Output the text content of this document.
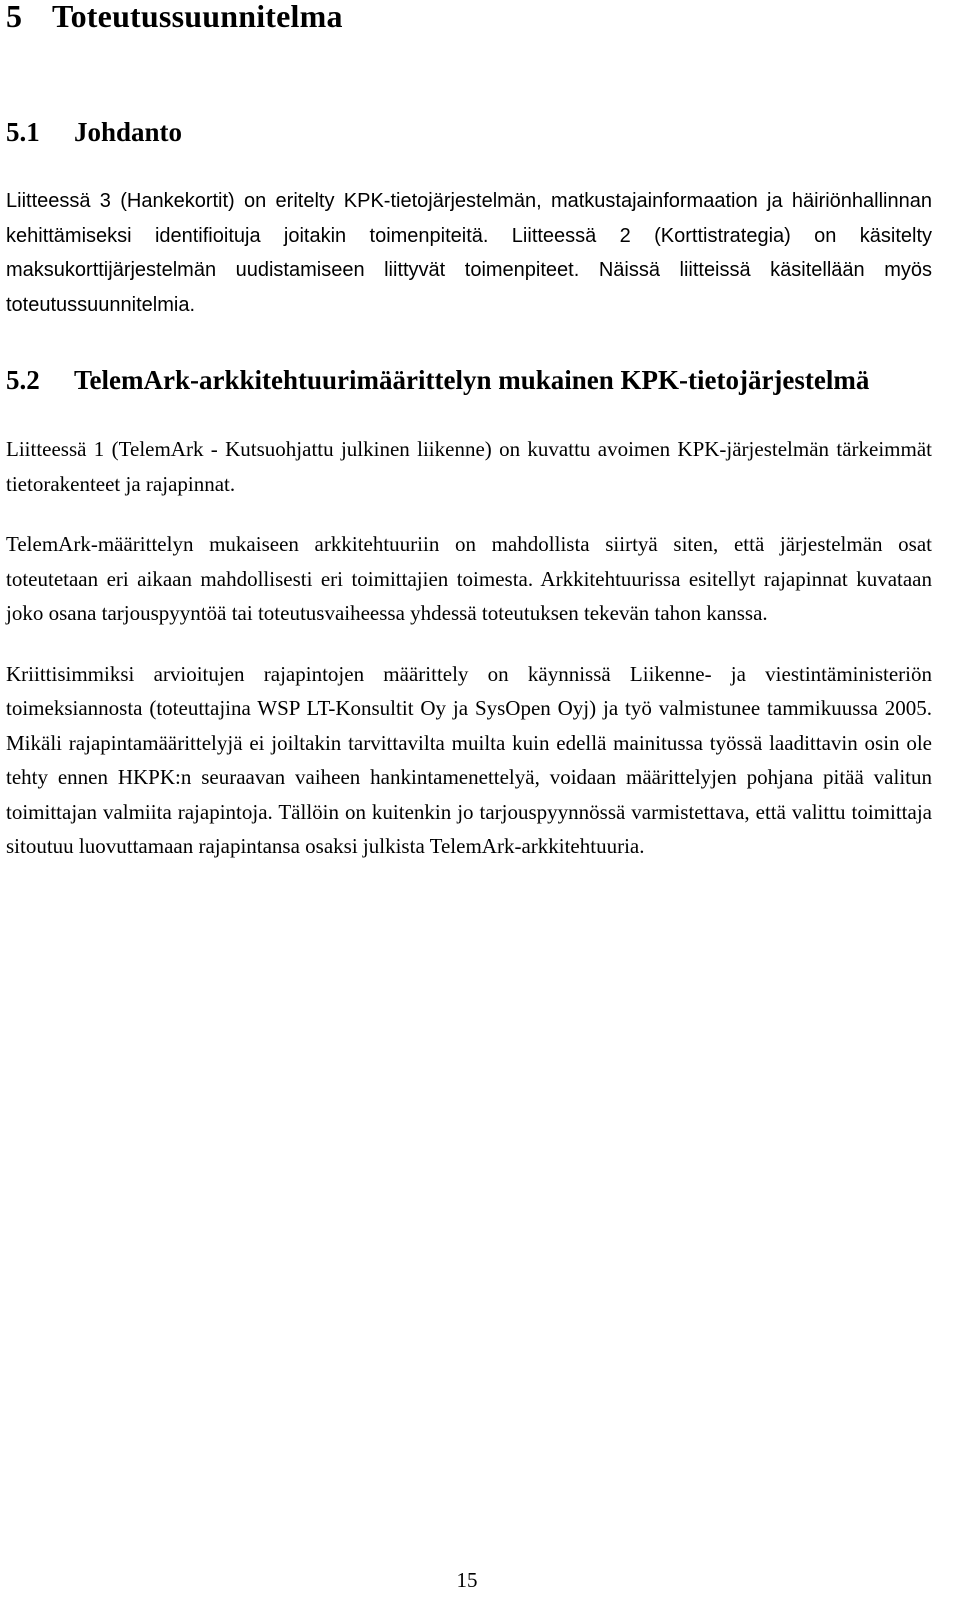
5 Toteutussuunnitelma
5.1 Johdanto

Liitteessä 3 (Hankekortit) on eritelty KPK-tietojärjestelmän, matkustajainformaation ja häiriönhallinnan kehittämiseksi identifioituja joitakin toimenpiteitä. Liitteessä 2 (Korttistrategia) on käsitelty maksukorttijärjestelmän uudistamiseen liittyvät toimenpiteet. Näissä liitteissä käsitellään myös toteutussuunnitelmia.

5.2 TelemArk-arkkitehtuurimäärittelyn mukainen KPK-tietojärjestelmä

Liitteessä 1 (TelemArk - Kutsuohjattu julkinen liikenne) on kuvattu avoimen KPK-järjestelmän tärkeimmät tietorakenteet ja rajapinnat.

TelemArk-määrittelyn mukaiseen arkkitehtuuriin on mahdollista siirtyä siten, että järjestelmän osat toteutetaan eri aikaan mahdollisesti eri toimittajien toimesta. Arkkitehtuurissa esitellyt rajapinnat kuvataan joko osana tarjouspyyntöä tai toteutusvaiheessa yhdessä toteutuksen tekevän tahon kanssa.

Kriittisimmiksi arvioitujen rajapintojen määrittely on käynnissä Liikenne- ja viestintäministeriön toimeksiannosta (toteuttajina WSP LT-Konsultit Oy ja SysOpen Oyj) ja työ valmistunee tammikuussa 2005. Mikäli rajapintamäärittelyjä ei joiltakin tarvittavilta muilta kuin edellä mainitussa työssä laadittavin osin ole tehty ennen HKPK:n seuraavan vaiheen hankintamenettelyä, voidaan määrittelyjen pohjana pitää valitun toimittajan valmiita rajapintoja. Tällöin on kuitenkin jo tarjouspyynnössä varmistettava, että valittu toimittaja sitoutuu luovuttamaan rajapintansa osaksi julkista TelemArk-arkkitehtuuria.

15
